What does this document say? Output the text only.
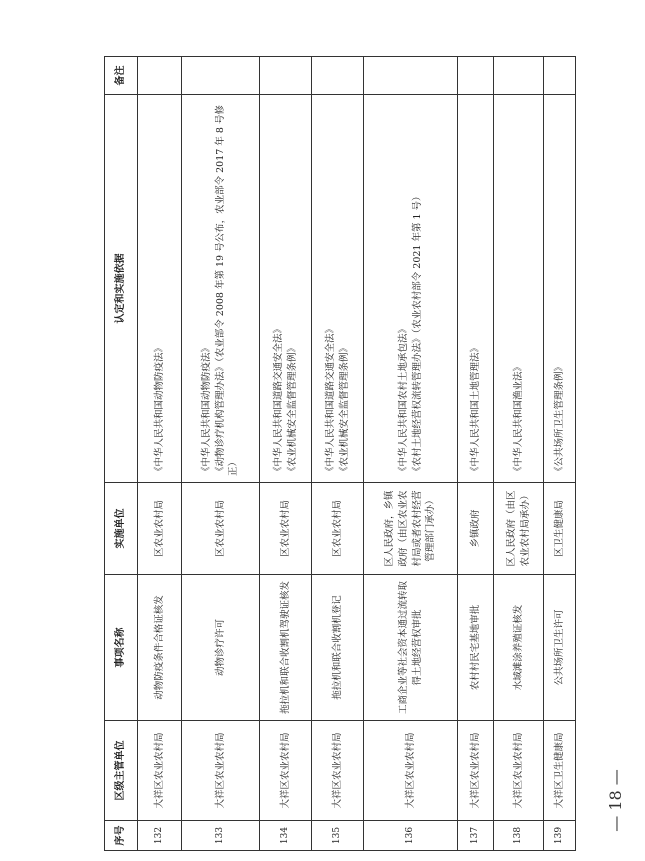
序号	区级主管单位	事项名称	实施单位	认定和实施依据	备注
132	大祥区农业农村局	动物防疫条件合格证核发	区农业农村局	《中华人民共和国动物防疫法》	
133	大祥区农业农村局	动物诊疗许可	区农业农村局	《中华人民共和国动物防疫法》 《动物诊疗机构管理办法》（农业部令 2008 年第 19 号公布，农业部令 2017 年 8 号修正）	
134	大祥区农业农村局	拖拉机和联合收割机驾驶证核发	区农业农村局	《中华人民共和国道路交通安全法》 《农业机械安全监督管理条例》	
135	大祥区农业农村局	拖拉机和联合收割机登记	区农业农村局	《中华人民共和国道路交通安全法》 《农业机械安全监督管理条例》	
136	大祥区农业农村局	工商企业等社会资本通过流转取得土地经营权审批	区人民政府，乡镇政府（由区农业农村局或者农村经营管理部门承办）	《中华人民共和国农村土地承包法》 《农村土地经营权流转管理办法》（农业农村部令 2021 年第 1 号）	
137	大祥区农业农村局	农村村民宅基地审批	乡镇政府	《中华人民共和国土地管理法》	
138	大祥区农业农村局	水域滩涂养殖证核发	区人民政府（由区农业农村局承办）	《中华人民共和国渔业法》	
139	大祥区卫生健康局	公共场所卫生许可	区卫生健康局	《公共场所卫生管理条例》	
— 18 —
